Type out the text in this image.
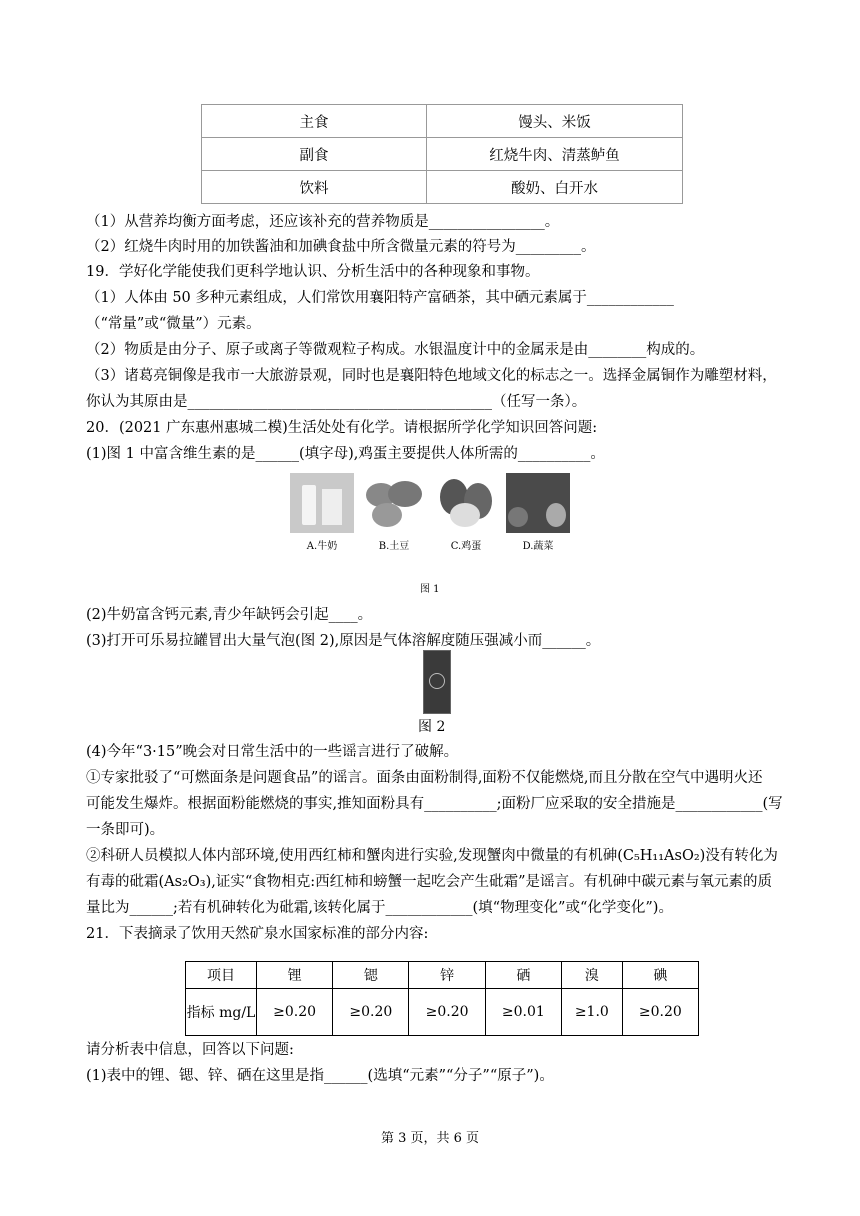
主食	馒头、米饭
副食	红烧牛肉、清蒸鲈鱼
饮料	酸奶、白开水
（1）从营养均衡方面考虑，还应该补充的营养物质是________________。
（2）红烧牛肉时用的加铁酱油和加碘食盐中所含微量元素的符号为_________。
19．学好化学能使我们更科学地认识、分析生活中的各种现象和事物。
（1）人体由 50 多种元素组成，人们常饮用襄阳特产富硒茶，其中硒元素属于____________
（“常量”或“微量”）元素。
（2）物质是由分子、原子或离子等微观粒子构成。水银温度计中的金属汞是由________构成的。
（3）诸葛亮铜像是我市一大旅游景观，同时也是襄阳特色地域文化的标志之一。选择金属铜作为雕塑材料，
你认为其原由是__________________________________________（任写一条）。
20．(2021 广东惠州惠城二模)生活处处有化学。请根据所学化学知识回答问题:
(1)图 1 中富含维生素的是______(填字母),鸡蛋主要提供人体所需的__________。
A.牛奶	B.土豆	C.鸡蛋	D.蔬菜
图 1
(2)牛奶富含钙元素,青少年缺钙会引起____。
(3)打开可乐易拉罐冒出大量气泡(图 2),原因是气体溶解度随压强减小而______。
图 2
(4)今年“3·15”晚会对日常生活中的一些谣言进行了破解。
①专家批驳了“可燃面条是问题食品”的谣言。面条由面粉制得,面粉不仅能燃烧,而且分散在空气中遇明火还
可能发生爆炸。根据面粉能燃烧的事实,推知面粉具有__________;面粉厂应采取的安全措施是____________(写
一条即可)。
②科研人员模拟人体内部环境,使用西红柿和蟹肉进行实验,发现蟹肉中微量的有机砷(C₅H₁₁AsO₂)没有转化为
有毒的砒霜(As₂O₃),证实“食物相克:西红柿和螃蟹一起吃会产生砒霜”是谣言。有机砷中碳元素与氧元素的质
量比为______;若有机砷转化为砒霜,该转化属于____________(填“物理变化”或“化学变化”)。
21．下表摘录了饮用天然矿泉水国家标准的部分内容:
项目	锂	锶	锌	硒	溴	碘
指标 mg/L	≥0.20	≥0.20	≥0.20	≥0.01	≥1.0	≥0.20
请分析表中信息，回答以下问题:
(1)表中的锂、锶、锌、硒在这里是指______(选填“元素”“分子”“原子”)。
第 3 页，共 6 页
